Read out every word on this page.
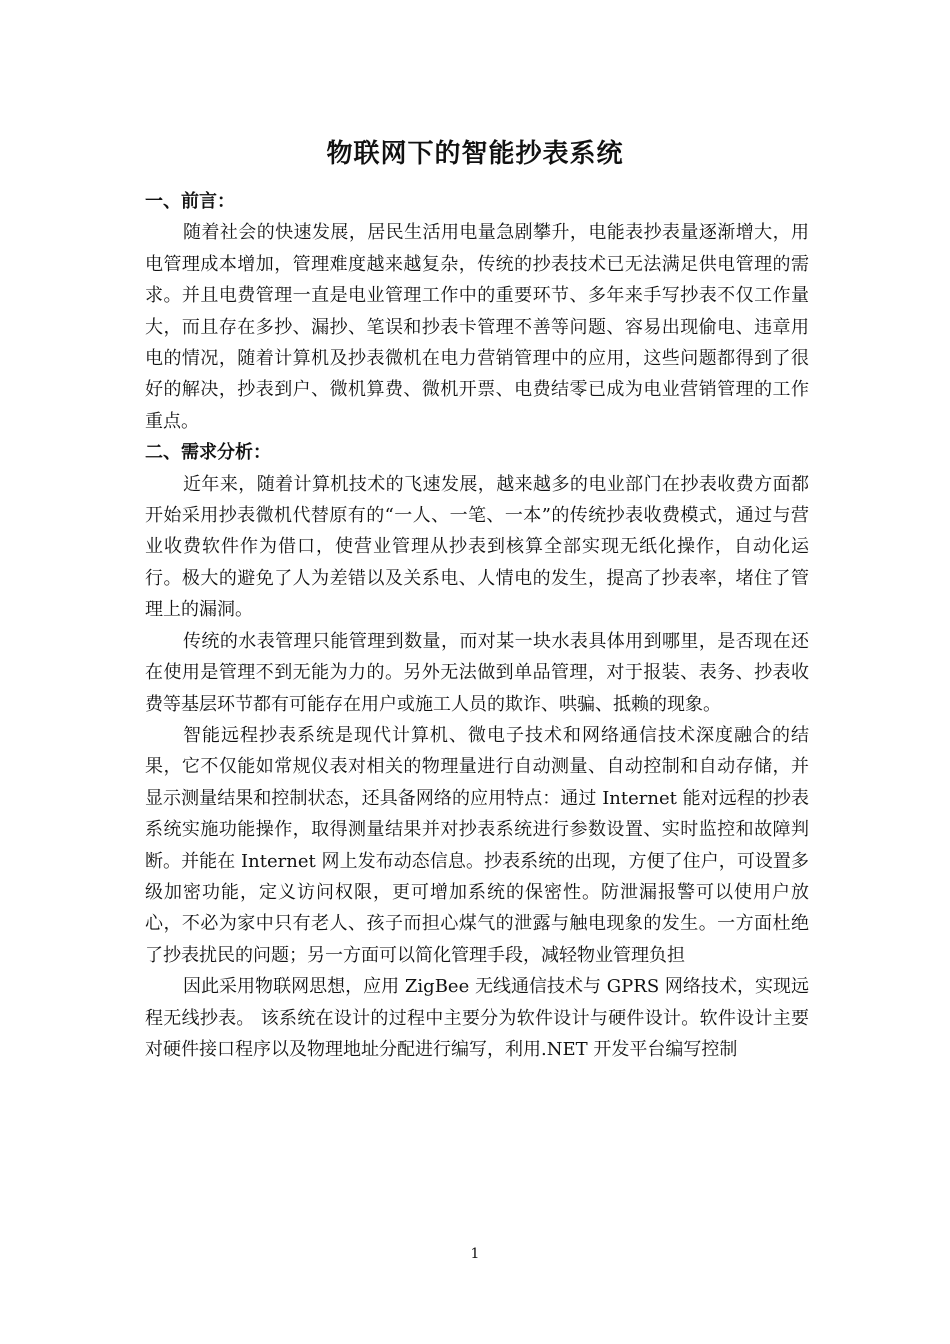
物联网下的智能抄表系统

一、前言：

随着社会的快速发展，居民生活用电量急剧攀升，电能表抄表量逐渐增大，用电管理成本增加，管理难度越来越复杂，传统的抄表技术已无法满足供电管理的需求。并且电费管理一直是电业管理工作中的重要环节、多年来手写抄表不仅工作量大，而且存在多抄、漏抄、笔误和抄表卡管理不善等问题、容易出现偷电、违章用电的情况，随着计算机及抄表微机在电力营销管理中的应用，这些问题都得到了很好的解决，抄表到户、微机算费、微机开票、电费结零已成为电业营销管理的工作重点。

二、需求分析：

近年来，随着计算机技术的飞速发展，越来越多的电业部门在抄表收费方面都开始采用抄表微机代替原有的“一人、一笔、一本”的传统抄表收费模式，通过与营业收费软件作为借口，使营业管理从抄表到核算全部实现无纸化操作，自动化运行。极大的避免了人为差错以及关系电、人情电的发生，提高了抄表率，堵住了管理上的漏洞。

传统的水表管理只能管理到数量，而对某一块水表具体用到哪里，是否现在还在使用是管理不到无能为力的。另外无法做到单品管理，对于报装、表务、抄表收费等基层环节都有可能存在用户或施工人员的欺诈、哄骗、抵赖的现象。

智能远程抄表系统是现代计算机、微电子技术和网络通信技术深度融合的结果，它不仅能如常规仪表对相关的物理量进行自动测量、自动控制和自动存储，并显示测量结果和控制状态，还具备网络的应用特点：通过 Internet 能对远程的抄表系统实施功能操作，取得测量结果并对抄表系统进行参数设置、实时监控和故障判断。并能在 Internet 网上发布动态信息。抄表系统的出现，方便了住户，可设置多级加密功能，定义访问权限，更可增加系统的保密性。防泄漏报警可以使用户放心，不必为家中只有老人、孩子而担心煤气的泄露与触电现象的发生。一方面杜绝了抄表扰民的问题；另一方面可以简化管理手段，减轻物业管理负担

因此采用物联网思想，应用 ZigBee 无线通信技术与 GPRS 网络技术，实现远程无线抄表。 该系统在设计的过程中主要分为软件设计与硬件设计。软件设计主要对硬件接口程序以及物理地址分配进行编写，利用.NET 开发平台编写控制

1
